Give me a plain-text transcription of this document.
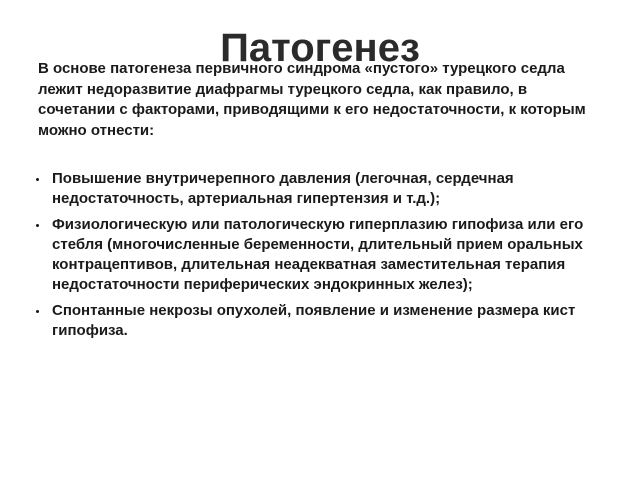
Патогенез
В основе патогенеза первичного синдрома «пустого» турецкого седла лежит недоразвитие диафрагмы турецкого седла, как правило, в сочетании с факторами, приводящими к его недостаточности, к которым можно отнести:
Повышение внутричерепного давления (легочная, сердечная недостаточность, артериальная гипертензия и т.д.);
Физиологическую или патологическую гиперплазию гипофиза или его стебля (многочисленные беременности, длительный прием оральных контрацептивов, длительная неадекватная заместительная терапия недостаточности периферических эндокринных желез);
Спонтанные некрозы опухолей, появление и изменение размера кист гипофиза.
